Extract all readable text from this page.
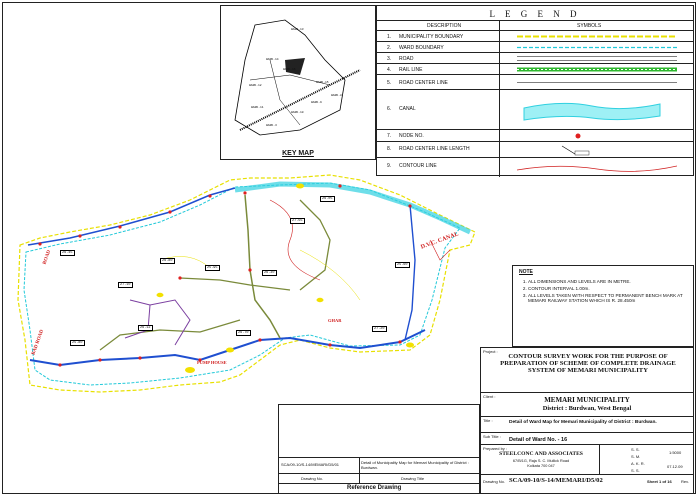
D.V.C. CANAL
ROAD
BAD ROAD
PUMP HOUSE
GHAR
26.45
27.10
26.80
25.95
26.30
27.55
26.12
25.80
26.70
27.20
26.05
25.60
WARD-13
WARD-14
WARD-16
WARD-15
WARD-12
WARD-11
WARD-10
WARD-9
WARD-8
WARD-3
KEY MAP
L E G E N D
DESCRIPTION	SYMBOLS
1. MUNICIPALITY BOUNDARY
2. WARD BOUNDARY
3. ROAD
4. RAIL LINE
5. ROAD CENTER LINE
6. CANAL
7. NODE NO.
8. ROAD CENTER LINE LENGTH
9. CONTOUR LINE
NOTE
1. ALL DIMENSIONS AND LEVELS ARE IN METRE.
2. CONTOUR INTERVAL 1.00m.
3. ALL LEVELS TAKEN WITH RESPECT TO PERMANENT BENCH MARK AT MEMARI RAILWAY STATION WHICH IS R. 28.450m
SCA/09-10/S-14/MEMARI/D5/01	Detail of Municipality Map for Memari Municipality of District : Burdwan.
Drawing No.	Drawing Title
Reference Drawing
Project :
CONTOUR SURVEY WORK FOR THE PURPOSE OF PREPARATION OF SCHEME OF COMPLETE DRAINAGE SYSTEM OF MEMARI MUNICIPALITY
Client :	MEMARI MUNICIPALITY
District : Burdwan, West Bengal
Title :	Detail of Ward Map for Memari Municipality of District : Burdwan.
Sub Title :
Detail of Ward No. - 16
Prepared by :
STEELCONC AND ASSOCIATES
67/B/1G, Raja S. C. Mullick Road
Kolkata 700 047
S. S.
S. M.
A. K. R.
S. S.
1:5000
07.12.09
Drawing No. SCA/09-10/S-14/MEMARI/D5/02	Sheet 1 of 16 Rev.
